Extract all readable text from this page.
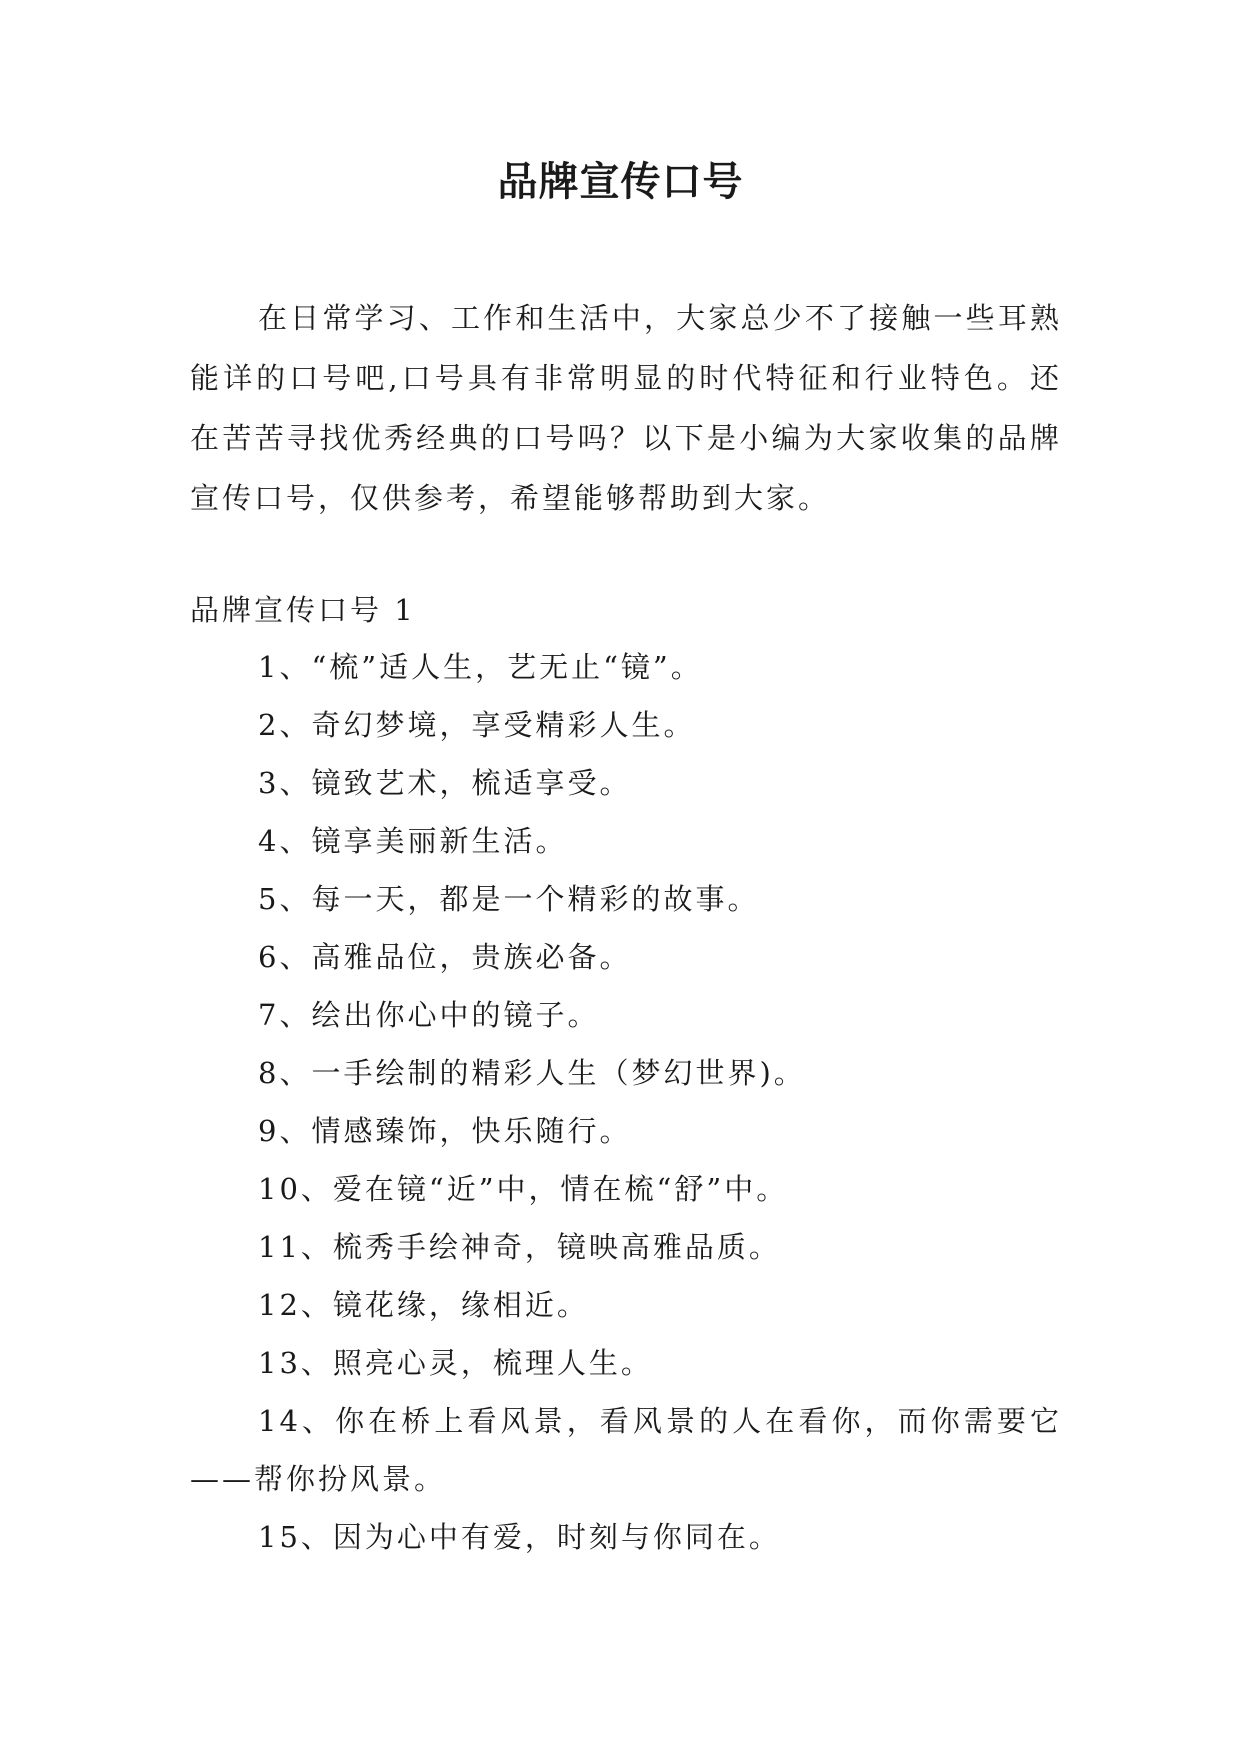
品牌宣传口号

在日常学习、工作和生活中，大家总少不了接触一些耳熟能详的口号吧,口号具有非常明显的时代特征和行业特色。还在苦苦寻找优秀经典的口号吗？以下是小编为大家收集的品牌宣传口号，仅供参考，希望能够帮助到大家。

品牌宣传口号 1

1、“梳”适人生，艺无止“镜”。
2、奇幻梦境，享受精彩人生。
3、镜致艺术，梳适享受。
4、镜享美丽新生活。
5、每一天，都是一个精彩的故事。
6、高雅品位，贵族必备。
7、绘出你心中的镜子。
8、一手绘制的精彩人生（梦幻世界)。
9、情感臻饰，快乐随行。
10、爱在镜“近”中，情在梳“舒”中。
11、梳秀手绘神奇，镜映高雅品质。
12、镜花缘，缘相近。
13、照亮心灵，梳理人生。
14、你在桥上看风景，看风景的人在看你，而你需要它——帮你扮风景。
15、因为心中有爱，时刻与你同在。
